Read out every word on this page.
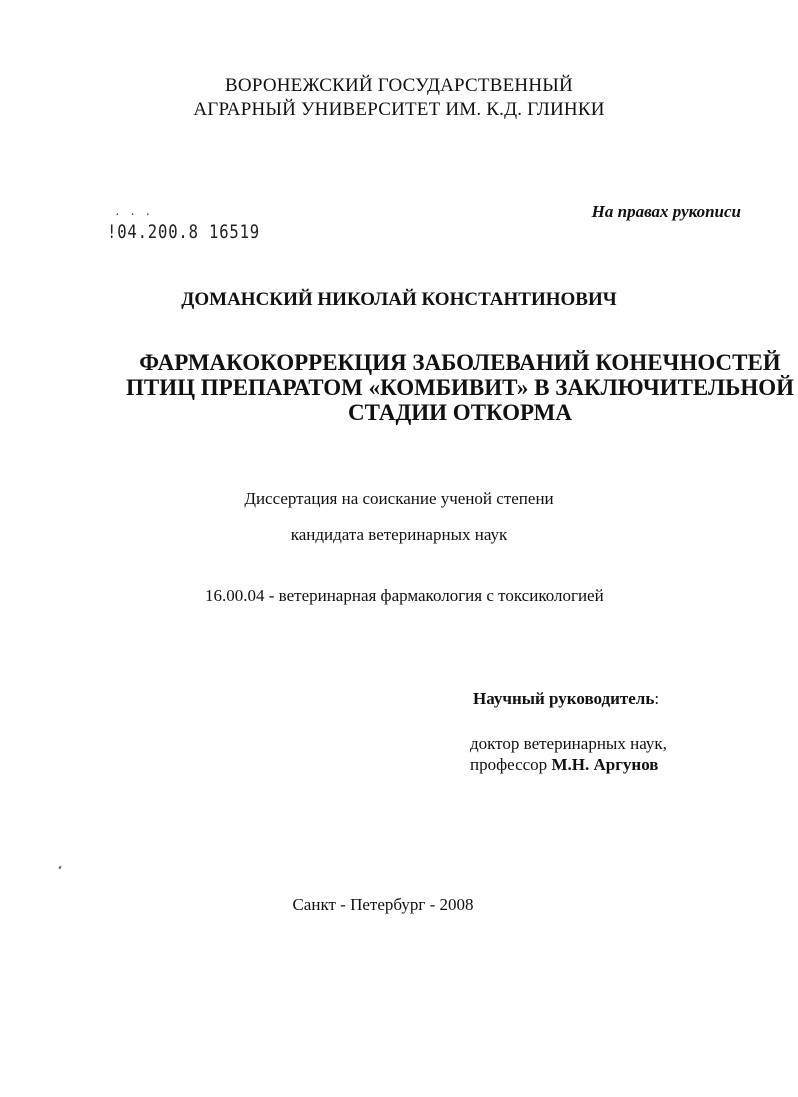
ВОРОНЕЖСКИЙ ГОСУДАРСТВЕННЫЙ
АГРАРНЫЙ УНИВЕРСИТЕТ ИМ. К.Д. ГЛИНКИ
· · ·
!04.200.8 16519
На правах рукописи
ДОМАНСКИЙ НИКОЛАЙ КОНСТАНТИНОВИЧ
ФАРМАКОКОРРЕКЦИЯ ЗАБОЛЕВАНИЙ КОНЕЧНОСТЕЙ
ПТИЦ ПРЕПАРАТОМ «КОМБИВИТ» В ЗАКЛЮЧИТЕЛЬНОЙ
СТАДИИ ОТКОРМА
Диссертация на соискание ученой степени
кандидата ветеринарных наук
16.00.04 - ветеринарная фармакология с токсикологией
Научный руководитель:
доктор ветеринарных наук,
профессор М.Н. Аргунов
Санкт - Петербург - 2008
